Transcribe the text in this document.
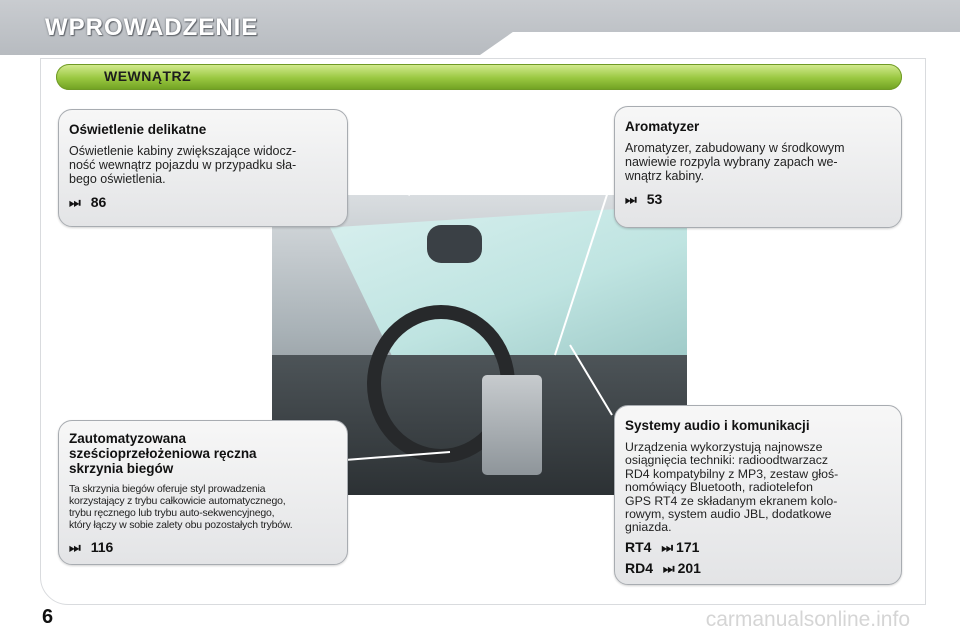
WPROWADZENIE
WEWNĄTRZ
Oświetlenie delikatne

Oświetlenie kabiny zwiększające widocz-
ność wewnątrz pojazdu w przypadku sła-
bego oświetlenia.

⏭ 86
Aromatyzer

Aromatyzer, zabudowany w środkowym
nawiewie rozpyla wybrany zapach we-
wnątrz kabiny.

⏭ 53
Zautomatyzowana
sześcioprzełożeniowa ręczna
skrzynia biegów

Ta skrzynia biegów oferuje styl prowadzenia
korzystający z trybu całkowicie automatycznego,
trybu ręcznego lub trybu auto-sekwencyjnego,
który łączy w sobie zalety obu pozostałych trybów.

⏭ 116
Systemy audio i komunikacji

Urządzenia wykorzystują najnowsze
osiągnięcia techniki: radioodtwarzacz
RD4 kompatybilny z MP3, zestaw głoś-
nomówiący Bluetooth, radiotelefon
GPS RT4 ze składanym ekranem kolo-
rowym, system audio JBL, dodatkowe
gniazda.

RT4 ⏭ 171
RD4 ⏭ 201
6	carmanualsonline.info
